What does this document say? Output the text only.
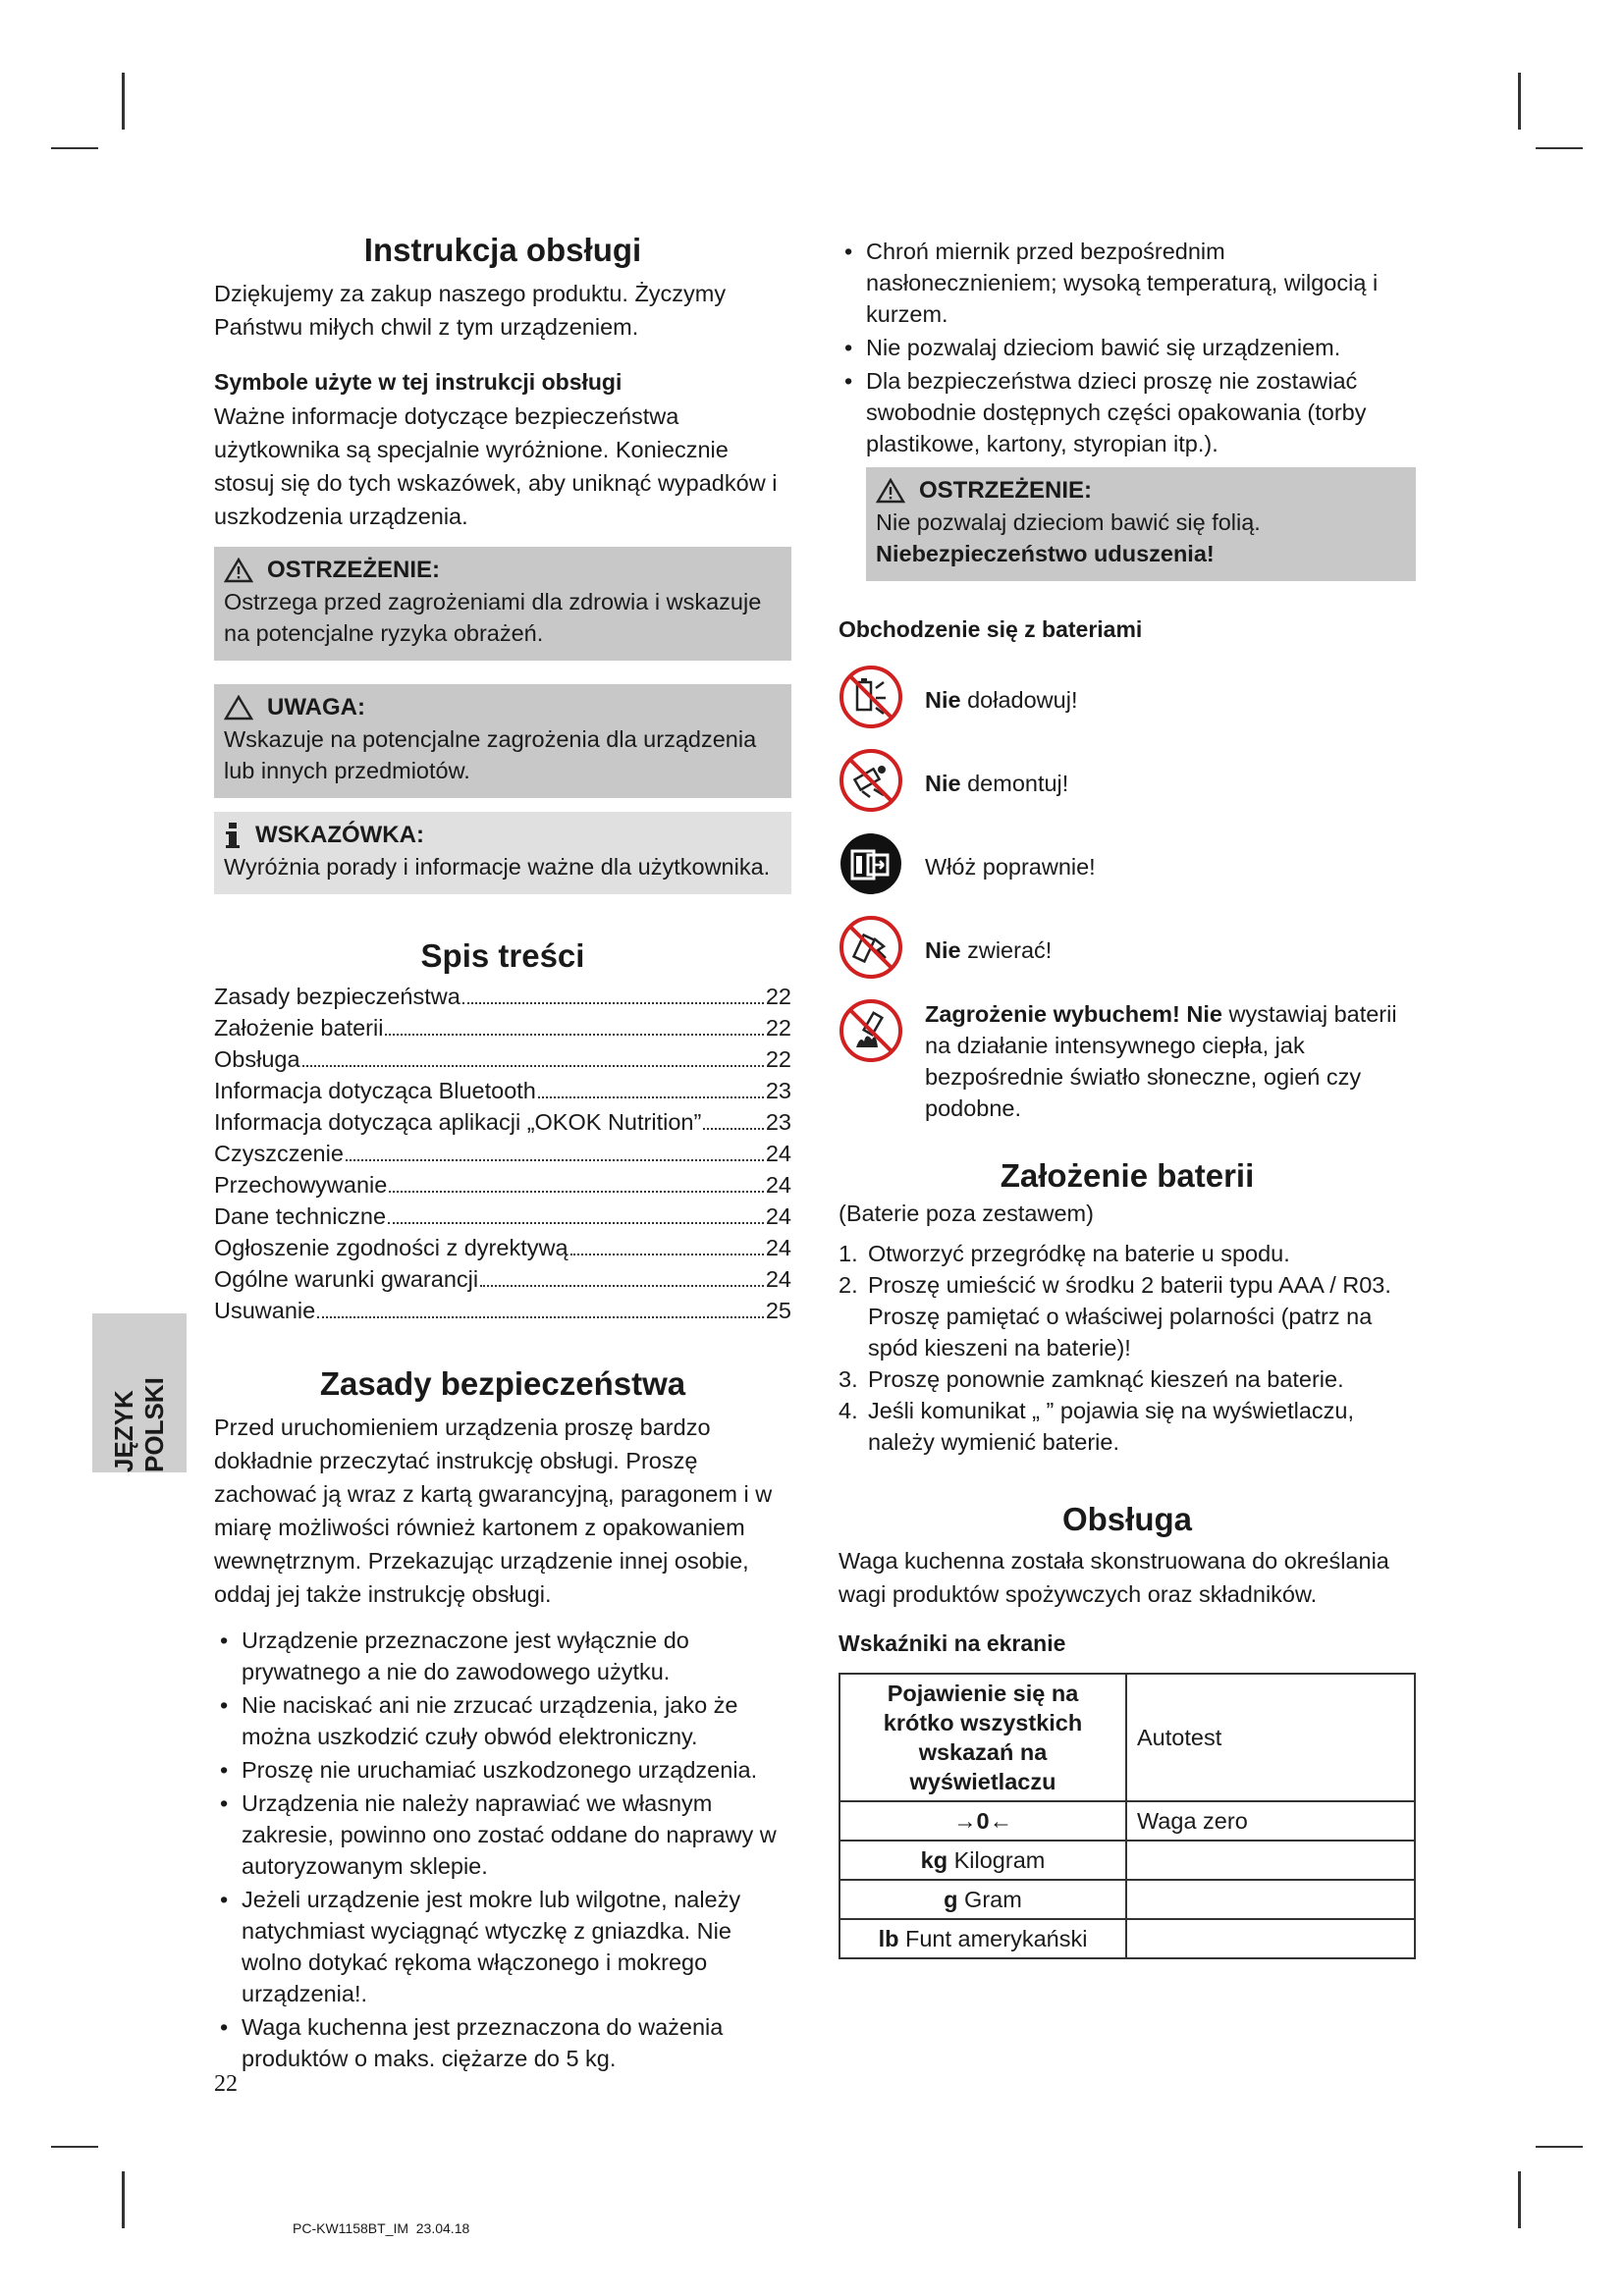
JĘZYK POLSKI
Instrukcja obsługi

Dziękujemy za zakup naszego produktu. Życzymy Państwu miłych chwil z tym urządzeniem.

Symbole użyte w tej instrukcji obsługi

Ważne informacje dotyczące bezpieczeństwa użytkownika są specjalnie wyróżnione. Koniecznie stosuj się do tych wskazówek, aby uniknąć wypadków i uszkodzenia urządzenia.

OSTRZEŻENIE:
Ostrzega przed zagrożeniami dla zdrowia i wskazuje na potencjalne ryzyka obrażeń.
UWAGA:
Wskazuje na potencjalne zagrożenia dla urządzenia lub innych przedmiotów.
WSKAZÓWKA:
Wyróżnia porady i informacje ważne dla użytkownika.
Spis treści
Zasady bezpieczeństwa	22
Założenie baterii	22
Obsługa	22
Informacja dotycząca Bluetooth	23
Informacja dotycząca aplikacji „OKOK Nutrition”	23
Czyszczenie	24
Przechowywanie	24
Dane techniczne	24
Ogłoszenie zgodności z dyrektywą	24
Ogólne warunki gwarancji	24
Usuwanie	25
Zasady bezpieczeństwa

Przed uruchomieniem urządzenia proszę bardzo dokładnie przeczytać instrukcję obsługi. Proszę zachować ją wraz z kartą gwarancyjną, paragonem i w miarę możliwości również kartonem z opakowaniem wewnętrznym. Przekazując urządzenie innej osobie, oddaj jej także instrukcję obsługi.

• Urządzenie przeznaczone jest wyłącznie do prywatnego a nie do zawodowego użytku.
• Nie naciskać ani nie zrzucać urządzenia, jako że można uszkodzić czuły obwód elektroniczny.
• Proszę nie uruchamiać uszkodzonego urządzenia.
• Urządzenia nie należy naprawiać we własnym zakresie, powinno ono zostać oddane do naprawy w autoryzowanym sklepie.
• Jeżeli urządzenie jest mokre lub wilgotne, należy natychmiast wyciągnąć wtyczkę z gniazdka. Nie wolno dotykać rękoma włączonego i mokrego urządzenia!.
• Waga kuchenna jest przeznaczona do ważenia produktów o maks. ciężarze do 5 kg.
• Chroń miernik przed bezpośrednim nasłonecznieniem; wysoką temperaturą, wilgocią i kurzem.
• Nie pozwalaj dzieciom bawić się urządzeniem.
• Dla bezpieczeństwa dzieci proszę nie zostawiać swobodnie dostępnych części opakowania (torby plastikowe, kartony, styropian itp.).
OSTRZEŻENIE:
Nie pozwalaj dzieciom bawić się folią. Niebezpieczeństwo uduszenia!
Obchodzenie się z bateriami
Nie doładowuj!
Nie demontuj!
Włóż poprawnie!
Nie zwierać!
Zagrożenie wybuchem! Nie wystawiaj baterii na działanie intensywnego ciepła, jak bezpośrednie światło słoneczne, ogień czy podobne.
Założenie baterii

(Baterie poza zestawem)

1. Otworzyć przegródkę na baterie u spodu.
2. Proszę umieścić w środku 2 baterii typu AAA / R03. Proszę pamiętać o właściwej polarności (patrz na spód kieszeni na baterie)!
3. Proszę ponownie zamknąć kieszeń na baterie.
4. Jeśli komunikat „ ” pojawia się na wyświetlaczu, należy wymienić baterie.
Obsługa

Waga kuchenna została skonstruowana do określania wagi produktów spożywczych oraz składników.

Wskaźniki na ekranie
Pojawienie się na krótko wszystkich wskazań na wyświetlaczu	Autotest
→0←	Waga zero
kg Kilogram	
g Gram	
lb Funt amerykański	
22
PC-KW1158BT_IM  23.04.18
